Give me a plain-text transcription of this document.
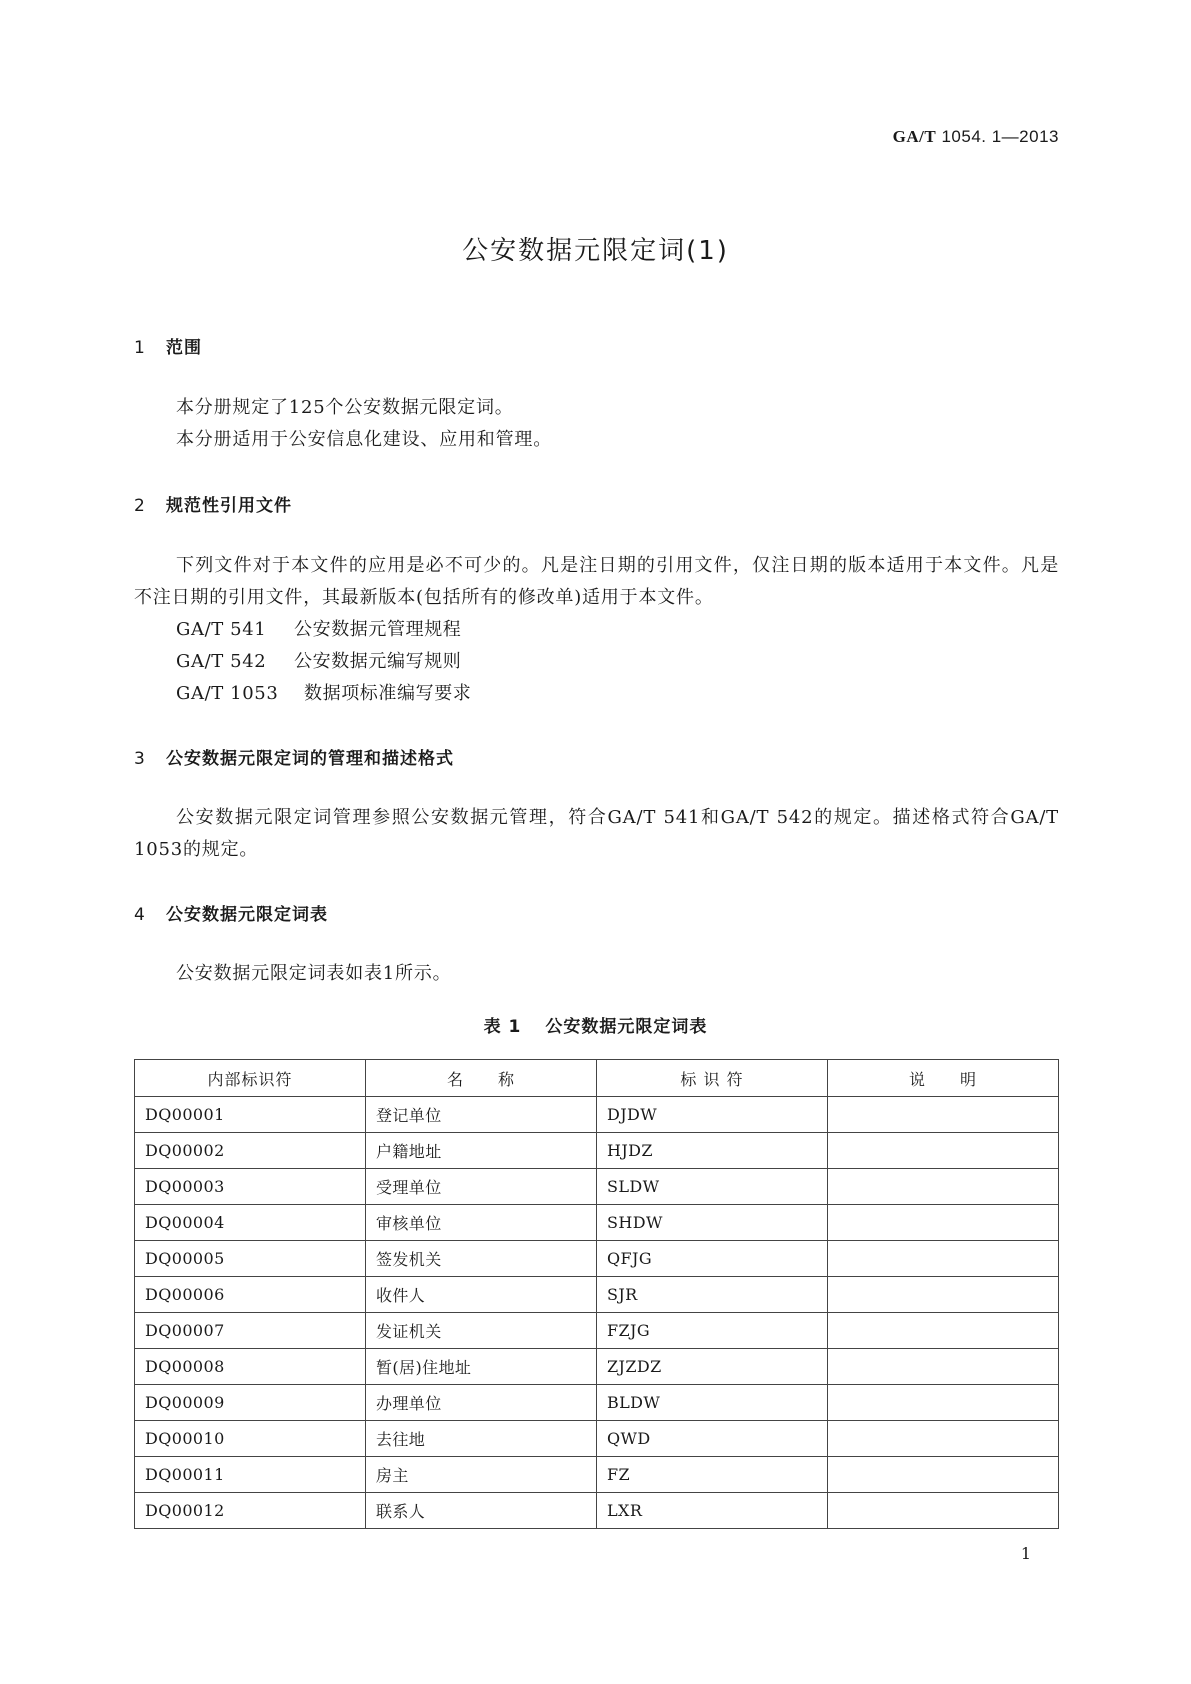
GA/T 1054. 1—2013
公安数据元限定词(1)
1 范围

本分册规定了125个公安数据元限定词。

本分册适用于公安信息化建设、应用和管理。

2 规范性引用文件

下列文件对于本文件的应用是必不可少的。凡是注日期的引用文件，仅注日期的版本适用于本文件。凡是不注日期的引用文件，其最新版本(包括所有的修改单)适用于本文件。

GA/T 541 公安数据元管理规程
GA/T 542 公安数据元编写规则
GA/T 1053 数据项标准编写要求
3 公安数据元限定词的管理和描述格式

公安数据元限定词管理参照公安数据元管理，符合GA/T 541和GA/T 542的规定。描述格式符合GA/T 1053的规定。

4 公安数据元限定词表

公安数据元限定词表如表1所示。

表 1 公安数据元限定词表
内部标识符	名　　称	标 识 符	说　　明
DQ00001	登记单位	DJDW	
DQ00002	户籍地址	HJDZ	
DQ00003	受理单位	SLDW	
DQ00004	审核单位	SHDW	
DQ00005	签发机关	QFJG	
DQ00006	收件人	SJR	
DQ00007	发证机关	FZJG	
DQ00008	暂(居)住地址	ZJZDZ	
DQ00009	办理单位	BLDW	
DQ00010	去往地	QWD	
DQ00011	房主	FZ	
DQ00012	联系人	LXR	
1
